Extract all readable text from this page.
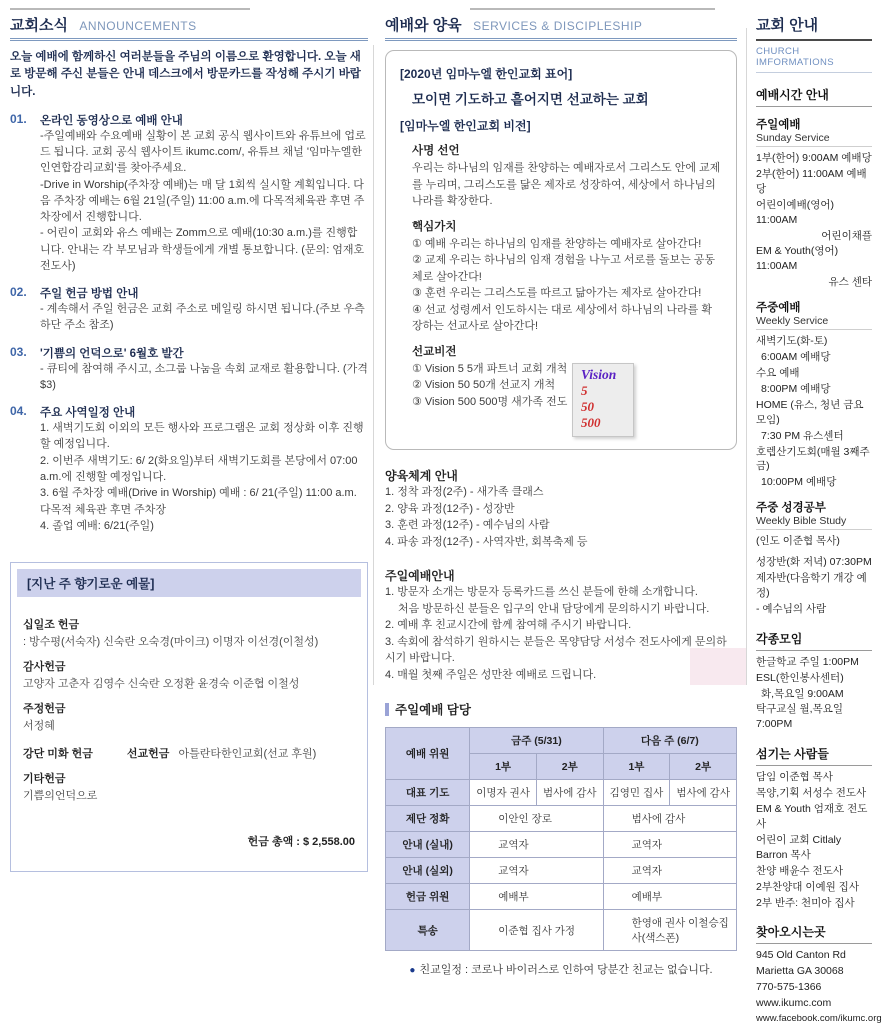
교회소식 ANNOUNCEMENTS

오늘 예배에 함께하신 여러분들을 주님의 이름으로 환영합니다. 오늘 새로 방문해 주신 분들은 안내 데스크에서 방문카드를 작성해 주시기 바랍니다.

01.	온라인 동영상으로 예배 안내
-주일예배와 수요예배 실황이 본 교회 공식 웹사이트와 유튜브에 업로드 됩니다. 교회 공식 웹사이트 ikumc.com/, 유튜브 채널 '임마누엘한인연합감리교회'를 찾아주세요.
-Drive in Worship(주차장 예배)는 매 달 1회씩 실시할 계획입니다. 다음 주차장 예배는 6월 21일(주일) 11:00 a.m.에 다목적체육관 후면 주차장에서 진행합니다.
- 어린이 교회와 유스 예배는 Zomm으로 예배(10:30 a.m.)를 진행합니다. 안내는 각 부모님과 학생들에게 개별 통보합니다. (문의: 엄재호 전도사)
02.	주일 헌금 방법 안내
- 계속해서 주일 헌금은 교회 주소로 메일링 하시면 됩니다.(주보 우측하단 주소 참조)
03.	'기쁨의 언덕으로' 6월호 발간
- 큐티에 참여해 주시고, 소그룹 나눔을 속회 교재로 활용합니다. (가격 $3)
04.	주요 사역일정 안내
1. 새벽기도회 이외의 모든 행사와 프로그램은 교회 정상화 이후 진행할 예정입니다.
2. 이번주 새벽기도: 6/ 2(화요일)부터 새벽기도회를 본당에서 07:00 a.m.에 진행할 예정입니다.
3. 6월 주차장 예배(Drive in Worship) 예배 : 6/ 21(주일) 11:00 a.m. 다목적 체육관 후면 주차장
4. 졸업 예배: 6/21(주일)
[지난 주 향기로운 예물]
십일조 헌금
: 방수평(서숙자) 신숙란 오숙경(마이크) 이명자 이선경(이철성)
감사헌금
고양자 고춘자 김영수 신숙란 오정환 윤경숙 이준협 이철성
주정헌금
서정혜
강단 미화 헌금	선교헌금 아틀란타한인교회(선교 후원)
기타헌금
기쁨의언덕으로
헌금 총액 : $ 2,558.00
예배와 양육 SERVICES & DISCIPLESHIP
[2020년 임마누엘 한인교회 표어]
모이면 기도하고 흩어지면 선교하는 교회
[임마누엘 한인교회 비전]
사명 선언
우리는 하나님의 임재를 찬양하는 예배자로서 그리스도 안에 교제를 누리며, 그리스도를 닮은 제자로 성장하여, 세상에서 하나님의 나라를 확장한다.
핵심가치
① 예배 우리는 하나님의 임재를 찬양하는 예배자로 살아간다!
② 교제 우리는 하나님의 임재 경험을 나누고 서로를 돌보는 공동체로 살아간다!
③ 훈련 우리는 그리스도를 따르고 닮아가는 제자로 살아간다!
④ 선교 성령께서 인도하시는 대로 세상에서 하나님의 나라를 확장하는 선교사로 살아간다!
선교비전
① Vision 5 5개 파트너 교회 개척
② Vision 50 50개 선교지 개척
③ Vision 500 500명 새가족 전도
Vision
5
50
500
양육체계 안내
1. 정착 과정(2주) - 새가족 클래스
2. 양육 과정(12주) - 성장반
3. 훈련 과정(12주) - 예수님의 사람
4. 파송 과정(12주) - 사역자반, 회복축제 등
주일예배안내
1. 방문자 소개는 방문자 등록카드를 쓰신 분들에 한해 소개합니다.
처음 방문하신 분들은 입구의 안내 담당에게 문의하시기 바랍니다.
2. 예배 후 친교시간에 함께 참여해 주시기 바랍니다.
3. 속회에 참석하기 원하시는 분들은 목양담당 서성수 전도사에게 문의하시기 바랍니다.
4. 매월 첫째 주일은 성만찬 예배로 드립니다.
주일예배 담당
예배 위원	금주 (5/31)		다음 주 (6/7)	
	1부	2부	1부	2부
대표 기도	이명자 권사	범사에 감사	김영민 집사	범사에 감사
제단 정화	이안인 장로		범사에 감사	
안내 (실내)	교역자		교역자	
안내 (실외)	교역자		교역자	
헌금 위원	예배부		예배부	
특송	이준협 집사 가정		한영애 권사 이철승집사(색스폰)	
● 친교일정 : 코로나 바이러스로 인하여 당분간 친교는 없습니다.
교회 안내
CHURCH IMFORMATIONS
예배시간 안내
주일예배
Sunday Service
1부(한어) 9:00AM 예배당
2부(한어) 11:00AM 예배당
어린이예배(영어) 11:00AM
어린이채플
EM & Youth(영어) 11:00AM
유스 센타
주중예배
Weekly Service
새벽기도(화-토)
6:00AM 예배당
수요 예배
8:00PM 예배당
HOME (유스, 청년 금요모임)
7:30 PM 유스센터
호렙산기도회(매월 3째주 금)
10:00PM 예배당
주중 성경공부
Weekly Bible Study
(인도 이준협 목사)
성장반(화 저녁) 07:30PM
제자반(다음학기 개강 예정)
- 예수님의 사람
각종모임
한글학교 주일 1:00PM
ESL(한인봉사센터)
화,목요일 9:00AM
탁구교실 월,목요일 7:00PM
섬기는 사람들
담임 이준협 목사
목양,기획 서성수 전도사
EM & Youth 엄재호 전도사
어린이 교회 Citlaly Barron 목사
찬양 배윤수 전도사
2부찬양대 이예원 집사
2부 반주: 천미아 집사
찾아오시는곳
945 Old Canton Rd
Marietta GA 30068
770-575-1366
www.ikumc.com
www.facebook.com/ikumc.org
